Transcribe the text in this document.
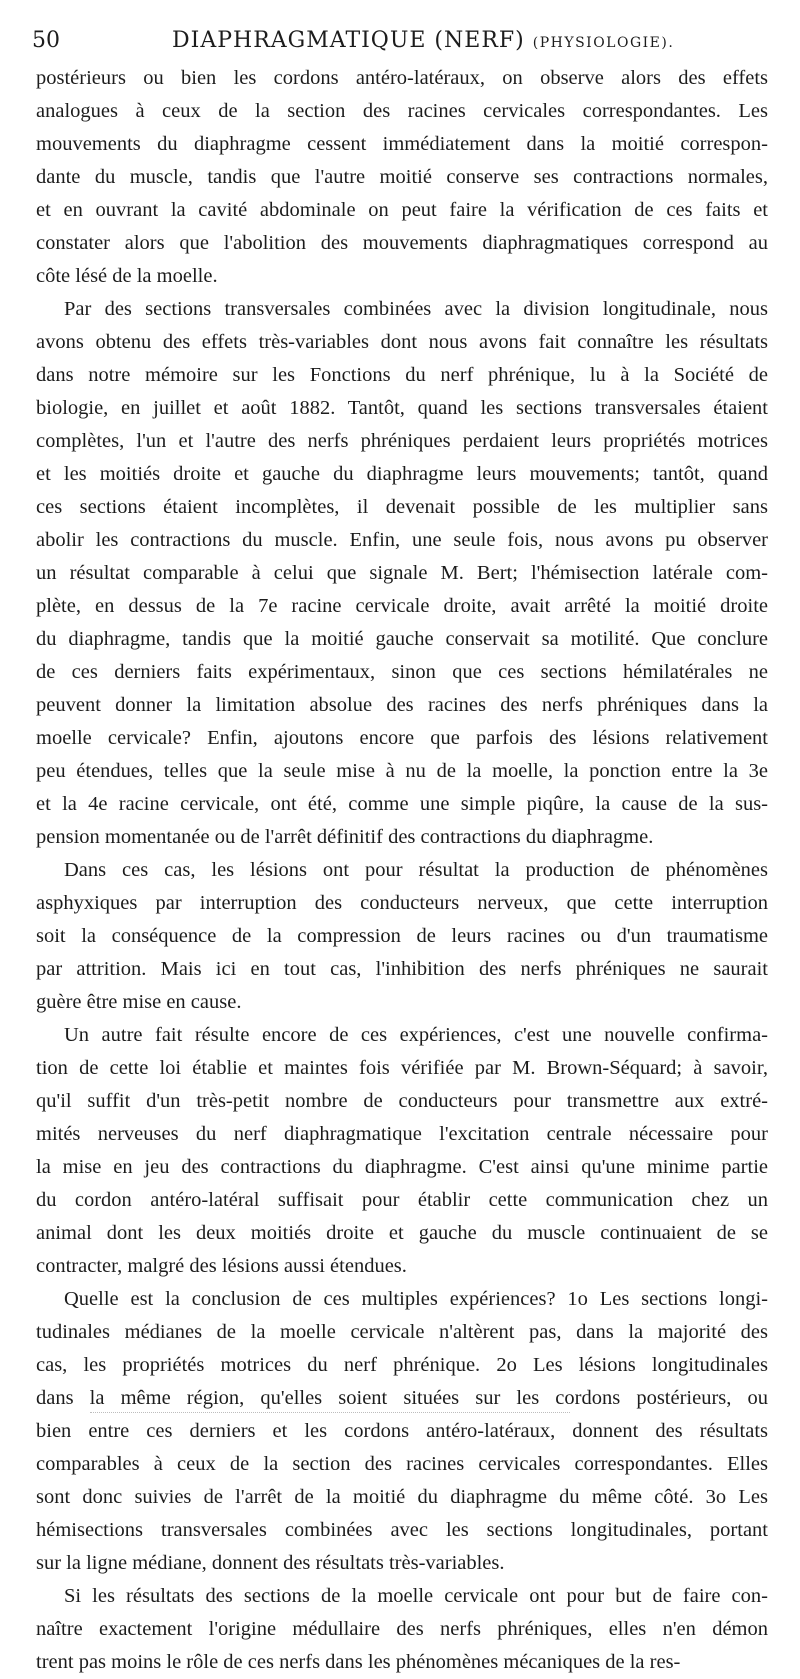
50	DIAPHRAGMATIQUE (NERF) (PHYSIOLOGIE).
postérieurs ou bien les cordons antéro-latéraux, on observe alors des effets
analogues à ceux de la section des racines cervicales correspondantes. Les
mouvements du diaphragme cessent immédiatement dans la moitié correspon-
dante du muscle, tandis que l'autre moitié conserve ses contractions normales,
et en ouvrant la cavité abdominale on peut faire la vérification de ces faits et
constater alors que l'abolition des mouvements diaphragmatiques correspond au
côte lésé de la moelle.
Par des sections transversales combinées avec la division longitudinale, nous
avons obtenu des effets très-variables dont nous avons fait connaître les résultats
dans notre mémoire sur les Fonctions du nerf phrénique, lu à la Société de
biologie, en juillet et août 1882. Tantôt, quand les sections transversales étaient
complètes, l'un et l'autre des nerfs phréniques perdaient leurs propriétés motrices
et les moitiés droite et gauche du diaphragme leurs mouvements; tantôt, quand
ces sections étaient incomplètes, il devenait possible de les multiplier sans
abolir les contractions du muscle. Enfin, une seule fois, nous avons pu observer
un résultat comparable à celui que signale M. Bert; l'hémisection latérale com-
plète, en dessus de la 7e racine cervicale droite, avait arrêté la moitié droite
du diaphragme, tandis que la moitié gauche conservait sa motilité. Que conclure
de ces derniers faits expérimentaux, sinon que ces sections hémilatérales ne
peuvent donner la limitation absolue des racines des nerfs phréniques dans la
moelle cervicale? Enfin, ajoutons encore que parfois des lésions relativement
peu étendues, telles que la seule mise à nu de la moelle, la ponction entre la 3e
et la 4e racine cervicale, ont été, comme une simple piqûre, la cause de la sus-
pension momentanée ou de l'arrêt définitif des contractions du diaphragme.
Dans ces cas, les lésions ont pour résultat la production de phénomènes
asphyxiques par interruption des conducteurs nerveux, que cette interruption
soit la conséquence de la compression de leurs racines ou d'un traumatisme
par attrition. Mais ici en tout cas, l'inhibition des nerfs phréniques ne saurait
guère être mise en cause.
Un autre fait résulte encore de ces expériences, c'est une nouvelle confirma-
tion de cette loi établie et maintes fois vérifiée par M. Brown-Séquard; à savoir,
qu'il suffit d'un très-petit nombre de conducteurs pour transmettre aux extré-
mités nerveuses du nerf diaphragmatique l'excitation centrale nécessaire pour
la mise en jeu des contractions du diaphragme. C'est ainsi qu'une minime partie
du cordon antéro-latéral suffisait pour établir cette communication chez un
animal dont les deux moitiés droite et gauche du muscle continuaient de se
contracter, malgré des lésions aussi étendues.
Quelle est la conclusion de ces multiples expériences? 1o Les sections longi-
tudinales médianes de la moelle cervicale n'altèrent pas, dans la majorité des
cas, les propriétés motrices du nerf phrénique. 2o Les lésions longitudinales
dans la même région, qu'elles soient situées sur les cordons postérieurs, ou
bien entre ces derniers et les cordons antéro-latéraux, donnent des résultats
comparables à ceux de la section des racines cervicales correspondantes. Elles
sont donc suivies de l'arrêt de la moitié du diaphragme du même côté. 3o Les
hémisections transversales combinées avec les sections longitudinales, portant
sur la ligne médiane, donnent des résultats très-variables.
Si les résultats des sections de la moelle cervicale ont pour but de faire con-
naître exactement l'origine médullaire des nerfs phréniques, elles n'en démon
trent pas moins le rôle de ces nerfs dans les phénomènes mécaniques de la res-
